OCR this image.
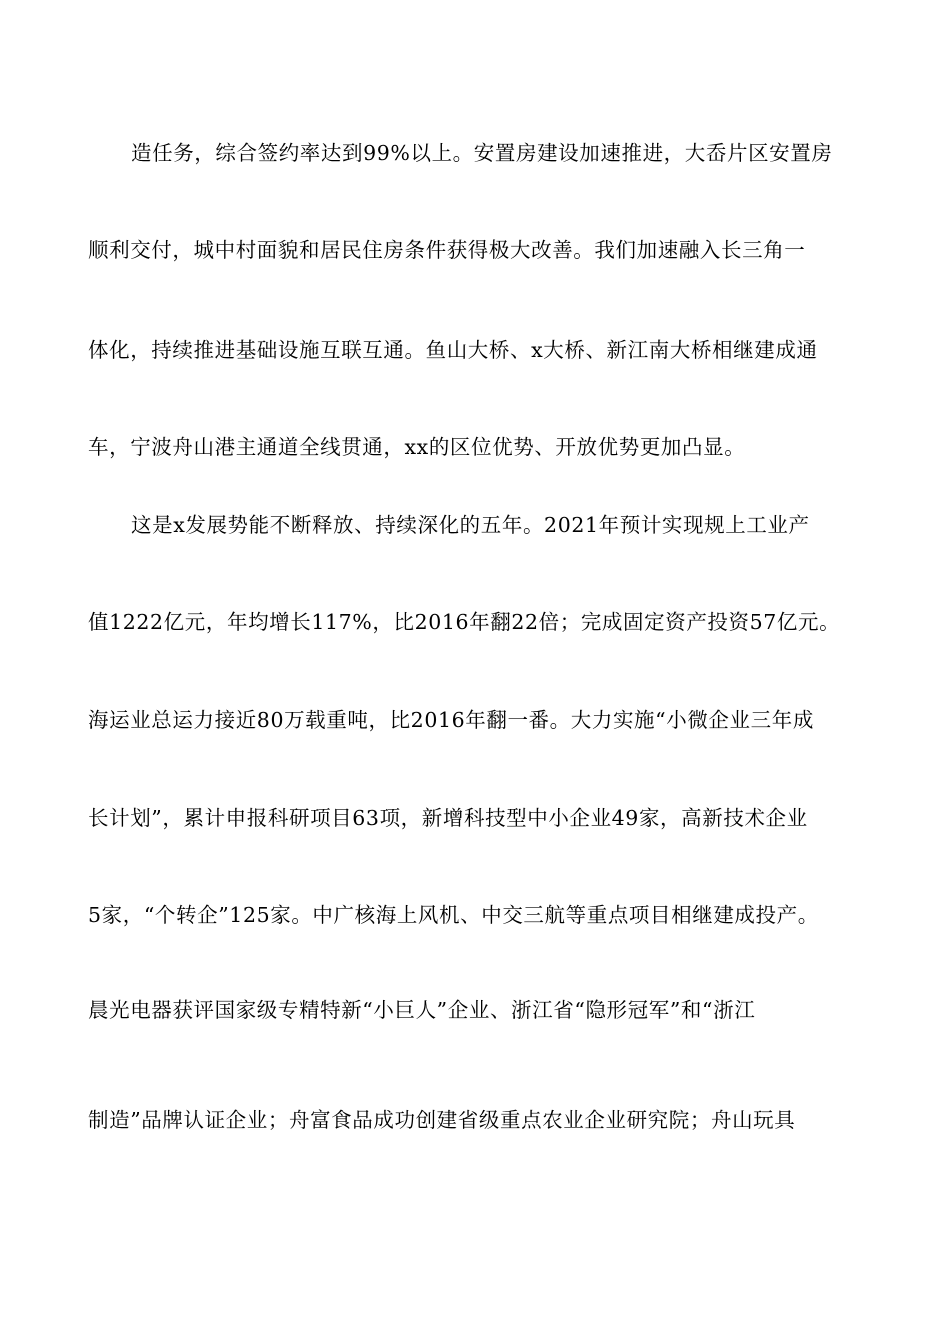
造任务，综合签约率达到99%以上。安置房建设加速推进，大岙片区安置房
顺利交付，城中村面貌和居民住房条件获得极大改善。我们加速融入长三角一
体化，持续推进基础设施互联互通。鱼山大桥、x大桥、新江南大桥相继建成通
车，宁波舟山港主通道全线贯通，xx的区位优势、开放优势更加凸显。
这是x发展势能不断释放、持续深化的五年。2021年预计实现规上工业产
值1222亿元，年均增长117%，比2016年翻22倍；完成固定资产投资57亿元。
海运业总运力接近80万载重吨，比2016年翻一番。大力实施“小微企业三年成
长计划”，累计申报科研项目63项，新增科技型中小企业49家，高新技术企业
5家，“个转企”125家。中广核海上风机、中交三航等重点项目相继建成投产。
晨光电器获评国家级专精特新“小巨人”企业、浙江省“隐形冠军”和“浙江
制造”品牌认证企业；舟富食品成功创建省级重点农业企业研究院；舟山玩具
